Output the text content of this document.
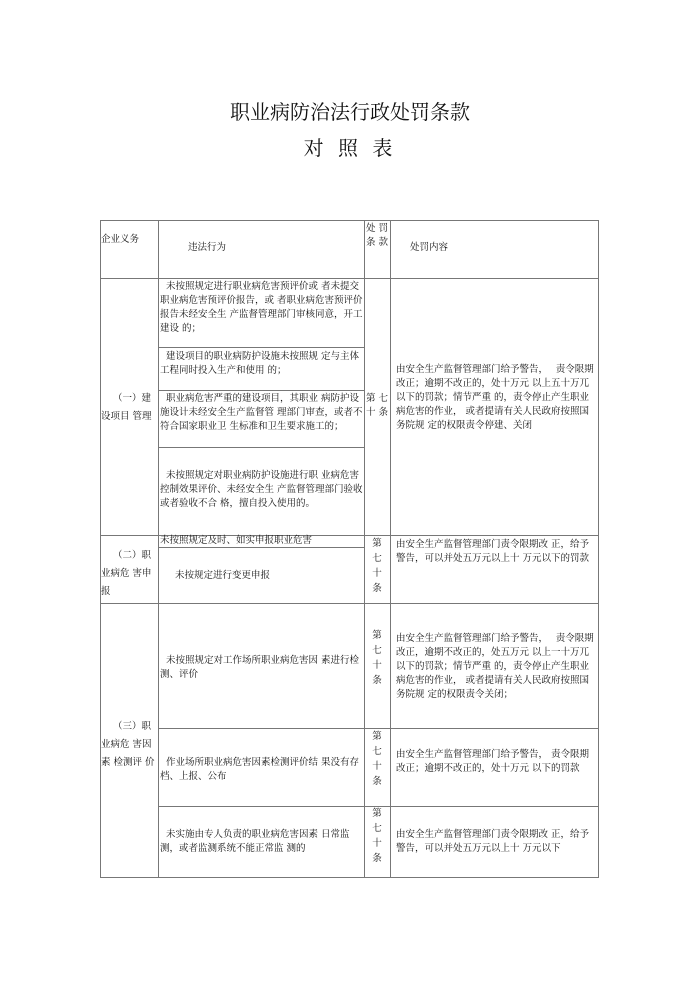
职业病防治法行政处罚条款
对 照 表
企业义务
违法行为
处 罚 条 款 处罚内容
（一）建设项目 管理
未按照规定进行职业病危害预评价或 者未提交职业病危害预评价报告，或 者职业病危害预评价报告未经安全生 产监督管理部门审核同意，开工建设 的；
建设项目的职业病防护设施未按照规 定与主体工程同时投入生产和使用 的；
职业病危害严重的建设项目，其职业 病防护设施设计未经安全生产监督管 理部门审查，或者不符合国家职业卫 生标准和卫生要求施工的；
未按照规定对职业病防护设施进行职 业病危害控制效果评价、未经安全生 产监督管理部门验收或者验收不合 格，擅自投入使用的。
第 七 十 条
由安全生产监督管理部门给予警告，　 责令限期改正；逾期不改正的，处十万元 以上五十万兀以下的罚款；情节严重 的，责令停止产生职业病危害的作业， 或者提请有关人民政府按照国务院规 定的权限责令停建、关闭
（二）职业病危 害申报
未按照规定及时、如实申报职业危害
未按规定进行变更申报
第七十条
由安全生产监督管理部门责令限期改 正，给予警告，可以并处五万元以上十 万元以下的罚款
（三）职业病危 害因素 检测评 价
未按照规定对工作场所职业病危害因 素进行检测、评价
第七十条
由安全生产监督管理部门给予警告，　 责令限期改正，逾期不改正的，处五万元 以上一十万兀以下的罚款；情节严重 的，责令停止产生职业病危害的作业， 或者提请有关人民政府按照国务院规 定的权限责令关闭；
作业场所职业病危害因素检测评价结 果没有存档、上报、公布
第七十条
由安全生产监督管理部门给予警告， 责令限期改正；逾期不改正的，处十万元 以下的罚款
未实施由专人负责的职业病危害因素 日常监测，或者监测系统不能正常监 测的
第七十条
由安全生产监督管理部门责令限期改 正，给予警告，可以并处五万元以上十 万元以下
